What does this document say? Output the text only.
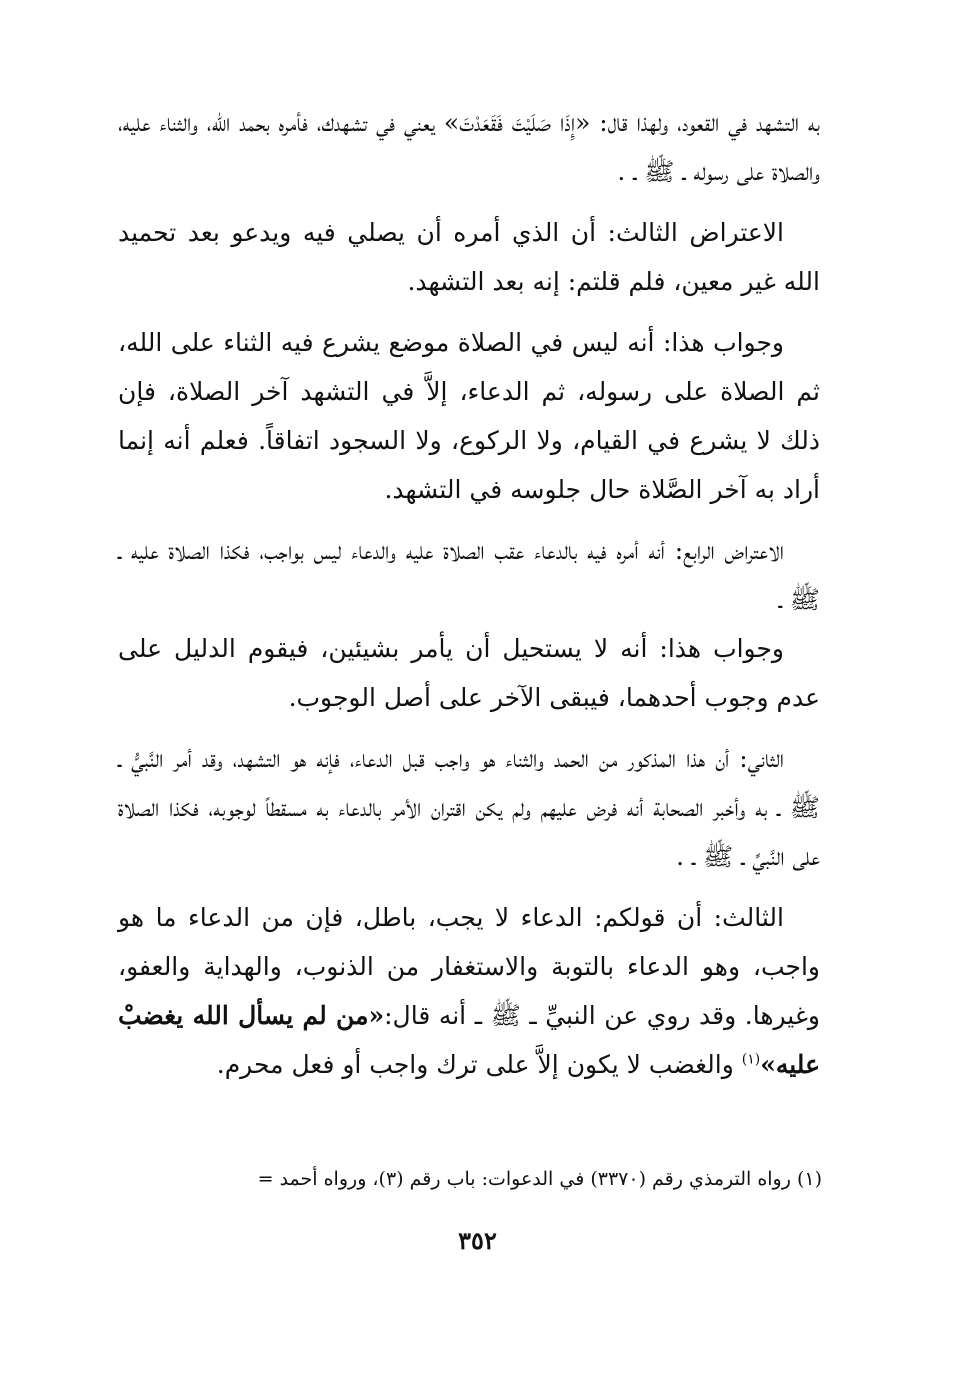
به التشهد في القعود، ولهذا قال: «إِذَا صَلَيْتَ فَقَعَدْتَ» يعني في تشهدك، فأمره بحمد الله، والثناء عليه، والصلاة على رسوله ـ ﷺ ـ .

الاعتراض الثالث: أن الذي أمره أن يصلي فيه ويدعو بعد تحميد الله غير معين، فلم قلتم: إنه بعد التشهد.

وجواب هذا: أنه ليس في الصلاة موضع يشرع فيه الثناء على الله، ثم الصلاة على رسوله، ثم الدعاء، إلاَّ في التشهد آخر الصلاة، فإن ذلك لا يشرع في القيام، ولا الركوع، ولا السجود اتفاقاً. فعلم أنه إنما أراد به آخر الصَّلاة حال جلوسه في التشهد.

الاعتراض الرابع: أنه أمره فيه بالدعاء عقب الصلاة عليه والدعاء ليس بواجب، فكذا الصلاة عليه ـ ﷺ ـ

وجواب هذا: أنه لا يستحيل أن يأمر بشيئين، فيقوم الدليل على عدم وجوب أحدهما، فيبقى الآخر على أصل الوجوب.

الثاني: أن هذا المذكور من الحمد والثناء هو واجب قبل الدعاء، فإنه هو التشهد، وقد أمر النَّبيُّ ـ ﷺ ـ به وأخبر الصحابة أنه فرض عليهم ولم يكن اقتران الأمر بالدعاء به مسقطاً لوجوبه، فكذا الصلاة على النَّبيِّ ـ ﷺ ـ .

الثالث: أن قولكم: الدعاء لا يجب، باطل، فإن من الدعاء ما هو واجب، وهو الدعاء بالتوبة والاستغفار من الذنوب، والهداية والعفو، وغيرها. وقد روي عن النبيِّ ـ ﷺ ـ أنه قال:«من لم يسأل الله يغضبْ عليه»$^{(١)}$ والغضب لا يكون إلاَّ على ترك واجب أو فعل محرم.

(١) رواه الترمذي رقم (٣٣٧٠) في الدعوات: باب رقم (٣)، ورواه أحمد =
٣٥٢
